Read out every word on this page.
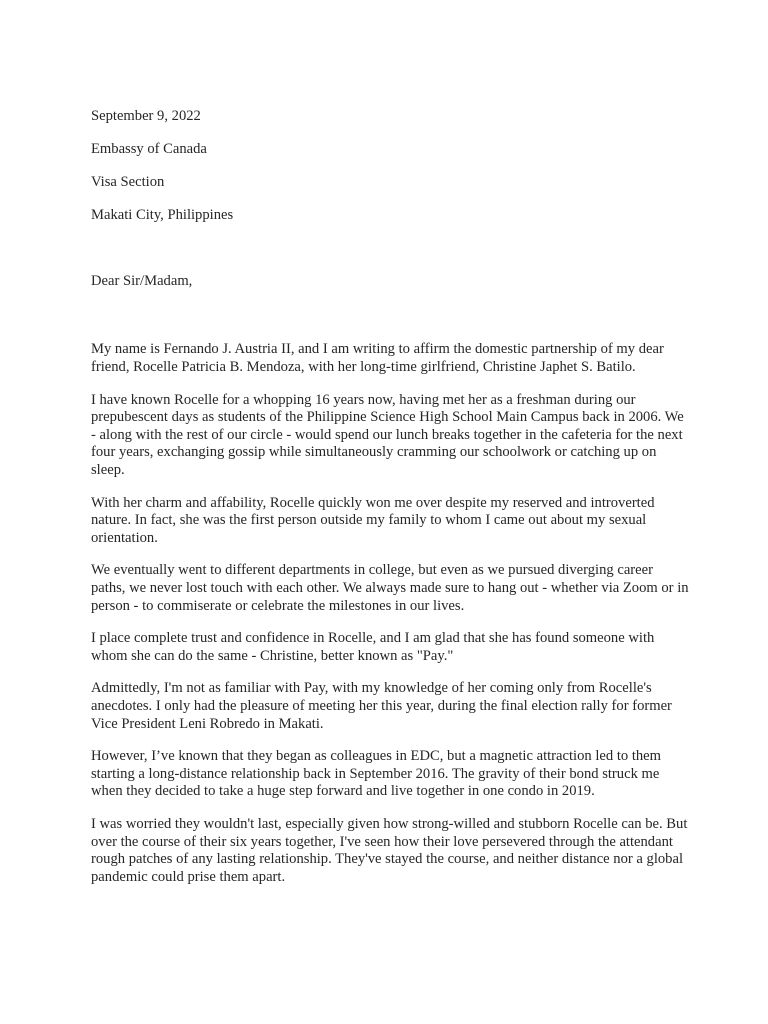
September 9, 2022
Embassy of Canada
Visa Section
Makati City, Philippines
Dear Sir/Madam,

My name is Fernando J. Austria II, and I am writing to affirm the domestic partnership of my dear friend, Rocelle Patricia B. Mendoza, with her long-time girlfriend, Christine Japhet S. Batilo.

I have known Rocelle for a whopping 16 years now, having met her as a freshman during our prepubescent days as students of the Philippine Science High School Main Campus back in 2006. We - along with the rest of our circle - would spend our lunch breaks together in the cafeteria for the next four years, exchanging gossip while simultaneously cramming our schoolwork or catching up on sleep.

With her charm and affability, Rocelle quickly won me over despite my reserved and introverted nature. In fact, she was the first person outside my family to whom I came out about my sexual orientation.

We eventually went to different departments in college, but even as we pursued diverging career paths, we never lost touch with each other. We always made sure to hang out - whether via Zoom or in person - to commiserate or celebrate the milestones in our lives.

I place complete trust and confidence in Rocelle, and I am glad that she has found someone with whom she can do the same - Christine, better known as "Pay."

Admittedly, I'm not as familiar with Pay, with my knowledge of her coming only from Rocelle's anecdotes. I only had the pleasure of meeting her this year, during the final election rally for former Vice President Leni Robredo in Makati.

However, I’ve known that they began as colleagues in EDC, but a magnetic attraction led to them starting a long-distance relationship back in September 2016. The gravity of their bond struck me when they decided to take a huge step forward and live together in one condo in 2019.

I was worried they wouldn't last, especially given how strong-willed and stubborn Rocelle can be. But over the course of their six years together, I've seen how their love persevered through the attendant rough patches of any lasting relationship. They've stayed the course, and neither distance nor a global pandemic could prise them apart.
